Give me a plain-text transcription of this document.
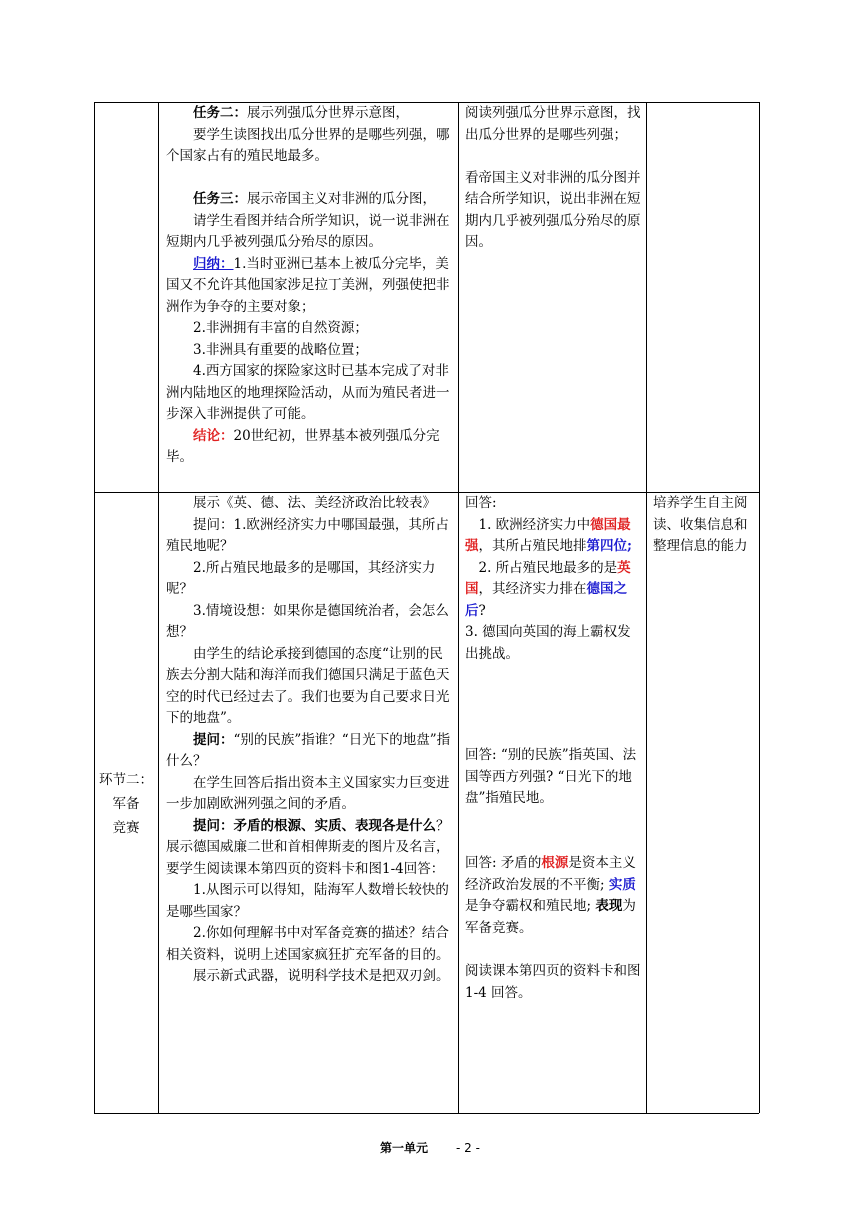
任务二：展示列强瓜分世界示意图，

要学生读图找出瓜分世界的是哪些列强，哪个国家占有的殖民地最多。

任务三：展示帝国主义对非洲的瓜分图，

请学生看图并结合所学知识，说一说非洲在短期内几乎被列强瓜分殆尽的原因。

归纳：1.当时亚洲已基本上被瓜分完毕，美国又不允许其他国家涉足拉丁美洲，列强使把非洲作为争夺的主要对象；

2.非洲拥有丰富的自然资源；

3.非洲具有重要的战略位置；

4.西方国家的探险家这时已基本完成了对非洲内陆地区的地理探险活动，从而为殖民者进一步深入非洲提供了可能。

结论：20世纪初，世界基本被列强瓜分完毕。

阅读列强瓜分世界示意图，找出瓜分世界的是哪些列强；

看帝国主义对非洲的瓜分图并结合所学知识，说出非洲在短期内几乎被列强瓜分殆尽的原因。

环节二：
军备
竞赛

展示《英、德、法、美经济政治比较表》

提问：1.欧洲经济实力中哪国最强，其所占殖民地呢？

2.所占殖民地最多的是哪国，其经济实力呢？

3.情境设想：如果你是德国统治者，会怎么想？

由学生的结论承接到德国的态度“让别的民族去分割大陆和海洋而我们德国只满足于蓝色天空的时代已经过去了。我们也要为自己要求日光下的地盘”。

提问：“别的民族”指谁？“日光下的地盘”指什么？

在学生回答后指出资本主义国家实力巨变进一步加剧欧洲列强之间的矛盾。

提问：矛盾的根源、实质、表现各是什么？展示德国威廉二世和首相俾斯麦的图片及名言，要学生阅读课本第四页的资料卡和图1-4回答：

1.从图示可以得知，陆海军人数增长较快的是哪些国家？

2.你如何理解书中对军备竞赛的描述？结合相关资料，说明上述国家疯狂扩充军备的目的。

展示新式武器，说明科学技术是把双刃剑。

回答:

1. 欧洲经济实力中德国最强，其所占殖民地排第四位;

2. 所占殖民地最多的是英国，其经济实力排在德国之后?

3. 德国向英国的海上霸权发出挑战。

回答: “别的民族”指英国、法国等西方列强? “日光下的地盘”指殖民地。

回答: 矛盾的根源是资本主义经济政治发展的不平衡; 实质是争夺霸权和殖民地; 表现为军备竞赛。

阅读课本第四页的资料卡和图 1-4 回答。

培养学生自主阅读、收集信息和整理信息的能力

第一单元 - 2 -
